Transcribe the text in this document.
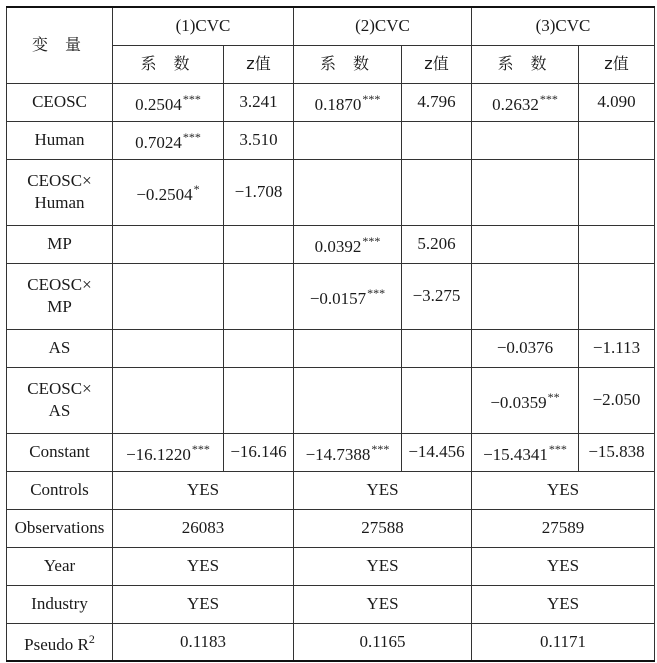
变 量	(1)CVC		(2)CVC		(3)CVC	
	系 数	z值	系 数	z值	系 数	z值
CEOSC	0.2504***	3.241	0.1870***	4.796	0.2632***	4.090
Human	0.7024***	3.510				
CEOSC×
Human	−0.2504*	−1.708				
MP			0.0392***	5.206		
CEOSC×
MP			−0.0157***	−3.275		
AS					−0.0376	−1.113
CEOSC×
AS					−0.0359**	−2.050
Constant	−16.1220***	−16.146	−14.7388***	−14.456	−15.4341***	−15.838
Controls	YES		YES		YES	
Observations	26083		27588		27589	
Year	YES		YES		YES	
Industry	YES		YES		YES	
Pseudo $R^2$	0.1183		0.1165		0.1171	
